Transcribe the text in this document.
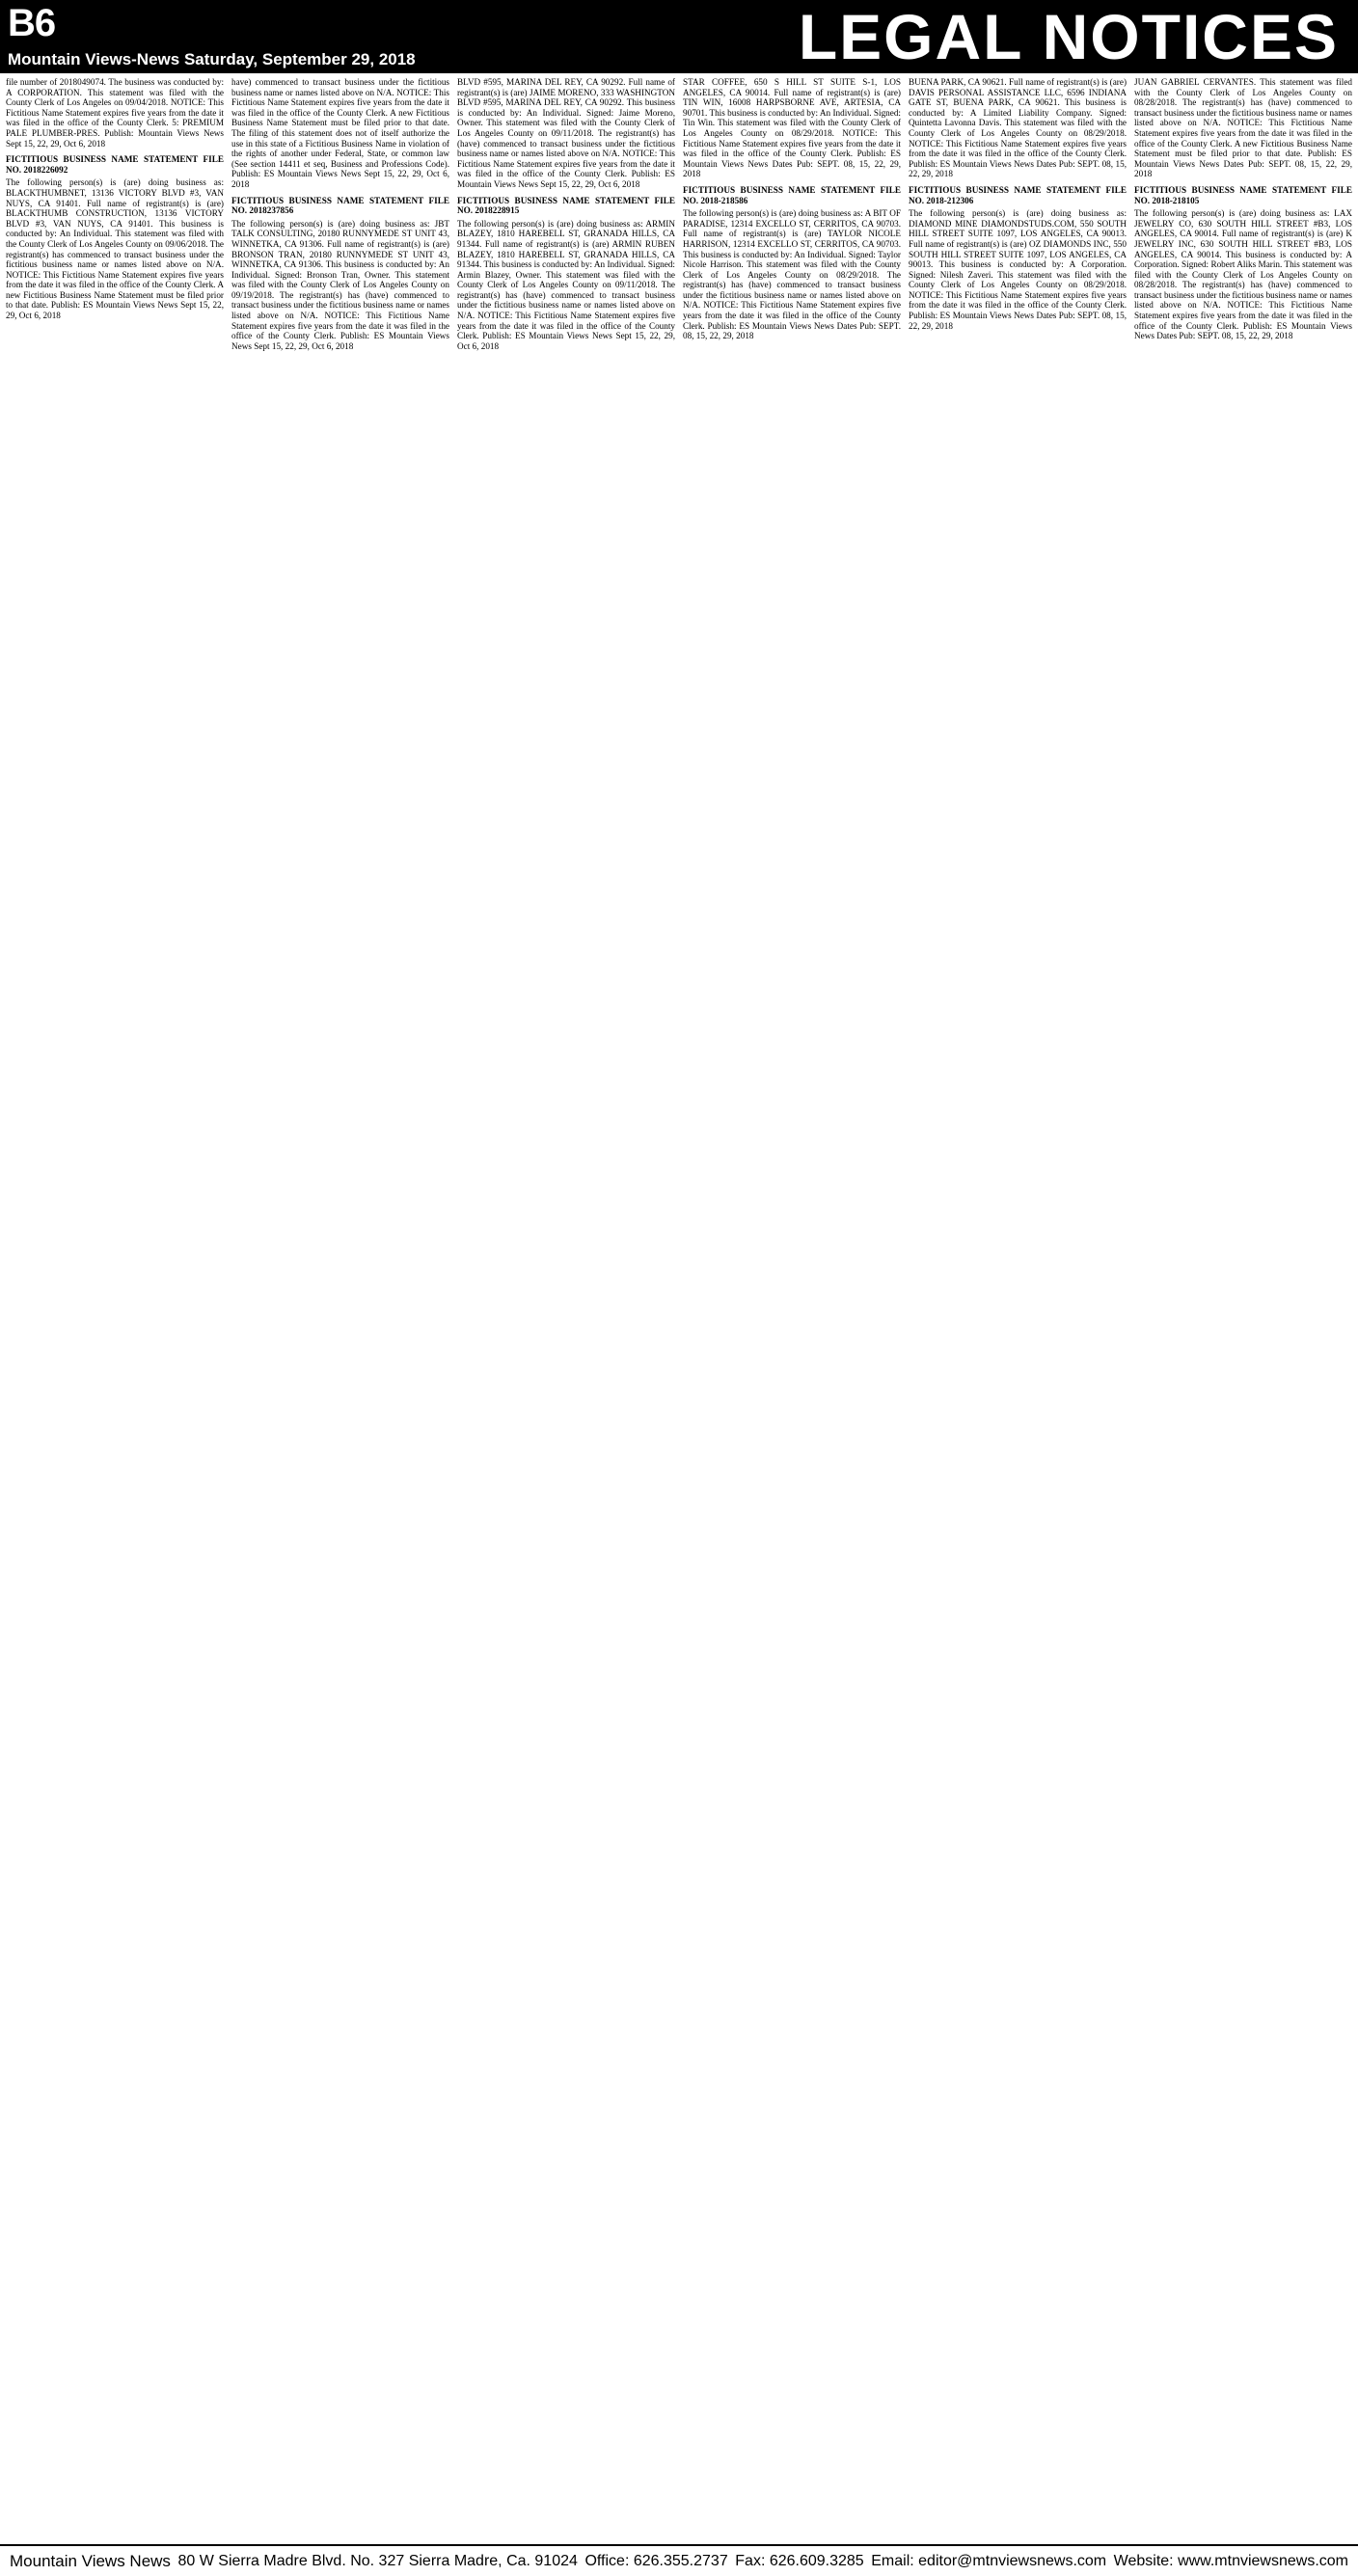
B6
Mountain Views-News Saturday, September 29, 2018	LEGAL NOTICES

file number of 2018049074. The business was conducted by: A CORPORATION. This statement was filed with the County Clerk of Los Angeles on 09/04/2018. NOTICE: This Fictitious Name Statement expires five years from the date it was filed in the office of the County Clerk. 5: PREMIUM PALE PLUMBER-PRES. Publish: Mountain Views News Sept 15, 22, 29, Oct 6, 2018

FICTITIOUS BUSINESS NAME STATEMENT FILE NO. 2018226092

The following person(s) is (are) doing business as: BLACKTHUMBNET, 13136 VICTORY BLVD #3, VAN NUYS, CA 91401. Full name of registrant(s) is (are) BLACKTHUMB CONSTRUCTION, 13136 VICTORY BLVD #3, VAN NUYS, CA 91401. This business is conducted by: An Individual. This statement was filed with the County Clerk of Los Angeles County on 09/06/2018. The registrant(s) has commenced to transact business under the fictitious business name or names listed above on N/A. NOTICE: This Fictitious Name Statement expires five years from the date it was filed in the office of the County Clerk. A new Fictitious Business Name Statement must be filed prior to that date. Publish: ES Mountain Views News Sept 15, 22, 29, Oct 6, 2018

have) commenced to transact business under the fictitious business name or names listed above on N/A. NOTICE: This Fictitious Name Statement expires five years from the date it was filed in the office of the County Clerk. A new Fictitious Business Name Statement must be filed prior to that date. The filing of this statement does not of itself authorize the use in this state of a Fictitious Business Name in violation of the rights of another under Federal, State, or common law (See section 14411 et seq, Business and Professions Code). Publish: ES Mountain Views News Sept 15, 22, 29, Oct 6, 2018

FICTITIOUS BUSINESS NAME STATEMENT FILE NO. 2018237856

The following person(s) is (are) doing business as: JBT TALK CONSULTING, 20180 RUNNYMEDE ST UNIT 43, WINNETKA, CA 91306. Full name of registrant(s) is (are) BRONSON TRAN, 20180 RUNNYMEDE ST UNIT 43, WINNETKA, CA 91306. This business is conducted by: An Individual. Signed: Bronson Tran, Owner. This statement was filed with the County Clerk of Los Angeles County on 09/19/2018. The registrant(s) has (have) commenced to transact business under the fictitious business name or names listed above on N/A. NOTICE: This Fictitious Name Statement expires five years from the date it was filed in the office of the County Clerk. Publish: ES Mountain Views News Sept 15, 22, 29, Oct 6, 2018

BLVD #595, MARINA DEL REY, CA 90292. Full name of registrant(s) is (are) JAIME MORENO, 333 WASHINGTON BLVD #595, MARINA DEL REY, CA 90292. This business is conducted by: An Individual. Signed: Jaime Moreno, Owner. This statement was filed with the County Clerk of Los Angeles County on 09/11/2018. The registrant(s) has (have) commenced to transact business under the fictitious business name or names listed above on N/A. NOTICE: This Fictitious Name Statement expires five years from the date it was filed in the office of the County Clerk. Publish: ES Mountain Views News Sept 15, 22, 29, Oct 6, 2018

FICTITIOUS BUSINESS NAME STATEMENT FILE NO. 2018228915

The following person(s) is (are) doing business as: ARMIN BLAZEY, 1810 HAREBELL ST, GRANADA HILLS, CA 91344. Full name of registrant(s) is (are) ARMIN RUBEN BLAZEY, 1810 HAREBELL ST, GRANADA HILLS, CA 91344. This business is conducted by: An Individual. Signed: Armin Blazey, Owner. This statement was filed with the County Clerk of Los Angeles County on 09/11/2018. The registrant(s) has (have) commenced to transact business under the fictitious business name or names listed above on N/A. NOTICE: This Fictitious Name Statement expires five years from the date it was filed in the office of the County Clerk. Publish: ES Mountain Views News Sept 15, 22, 29, Oct 6, 2018

STAR COFFEE, 650 S HILL ST SUITE S-1, LOS ANGELES, CA 90014. Full name of registrant(s) is (are) TIN WIN, 16008 HARPSBORNE AVE, ARTESIA, CA 90701. This business is conducted by: An Individual. Signed: Tin Win. This statement was filed with the County Clerk of Los Angeles County on 08/29/2018. NOTICE: This Fictitious Name Statement expires five years from the date it was filed in the office of the County Clerk. Publish: ES Mountain Views News Dates Pub: SEPT. 08, 15, 22, 29, 2018

FICTITIOUS BUSINESS NAME STATEMENT FILE NO. 2018-218586

The following person(s) is (are) doing business as: A BIT OF PARADISE, 12314 EXCELLO ST, CERRITOS, CA 90703. Full name of registrant(s) is (are) TAYLOR NICOLE HARRISON, 12314 EXCELLO ST, CERRITOS, CA 90703. This business is conducted by: An Individual. Signed: Taylor Nicole Harrison. This statement was filed with the County Clerk of Los Angeles County on 08/29/2018. The registrant(s) has (have) commenced to transact business under the fictitious business name or names listed above on N/A. NOTICE: This Fictitious Name Statement expires five years from the date it was filed in the office of the County Clerk. Publish: ES Mountain Views News Dates Pub: SEPT. 08, 15, 22, 29, 2018

BUENA PARK, CA 90621. Full name of registrant(s) is (are) DAVIS PERSONAL ASSISTANCE LLC, 6596 INDIANA GATE ST, BUENA PARK, CA 90621. This business is conducted by: A Limited Liability Company. Signed: Quintetta Lavonna Davis. This statement was filed with the County Clerk of Los Angeles County on 08/29/2018. NOTICE: This Fictitious Name Statement expires five years from the date it was filed in the office of the County Clerk. Publish: ES Mountain Views News Dates Pub: SEPT. 08, 15, 22, 29, 2018

FICTITIOUS BUSINESS NAME STATEMENT FILE NO. 2018-212306

The following person(s) is (are) doing business as: DIAMOND MINE DIAMONDSTUDS.COM, 550 SOUTH HILL STREET SUITE 1097, LOS ANGELES, CA 90013. Full name of registrant(s) is (are) OZ DIAMONDS INC, 550 SOUTH HILL STREET SUITE 1097, LOS ANGELES, CA 90013. This business is conducted by: A Corporation. Signed: Nilesh Zaveri. This statement was filed with the County Clerk of Los Angeles County on 08/29/2018. NOTICE: This Fictitious Name Statement expires five years from the date it was filed in the office of the County Clerk. Publish: ES Mountain Views News Dates Pub: SEPT. 08, 15, 22, 29, 2018

JUAN GABRIEL CERVANTES. This statement was filed with the County Clerk of Los Angeles County on 08/28/2018. The registrant(s) has (have) commenced to transact business under the fictitious business name or names listed above on N/A. NOTICE: This Fictitious Name Statement expires five years from the date it was filed in the office of the County Clerk. A new Fictitious Business Name Statement must be filed prior to that date. Publish: ES Mountain Views News Dates Pub: SEPT. 08, 15, 22, 29, 2018

FICTITIOUS BUSINESS NAME STATEMENT FILE NO. 2018-218105

The following person(s) is (are) doing business as: LAX JEWELRY CO, 630 SOUTH HILL STREET #B3, LOS ANGELES, CA 90014. Full name of registrant(s) is (are) K JEWELRY INC, 630 SOUTH HILL STREET #B3, LOS ANGELES, CA 90014. This business is conducted by: A Corporation. Signed: Robert Aliks Marin. This statement was filed with the County Clerk of Los Angeles County on 08/28/2018. The registrant(s) has (have) commenced to transact business under the fictitious business name or names listed above on N/A. NOTICE: This Fictitious Name Statement expires five years from the date it was filed in the office of the County Clerk. Publish: ES Mountain Views News Dates Pub: SEPT. 08, 15, 22, 29, 2018

Mountain Views News 80 W Sierra Madre Blvd. No. 327 Sierra Madre, Ca. 91024 Office: 626.355.2737 Fax: 626.609.3285 Email: editor@mtnviewsnews.com Website: www.mtnviewsnews.com
